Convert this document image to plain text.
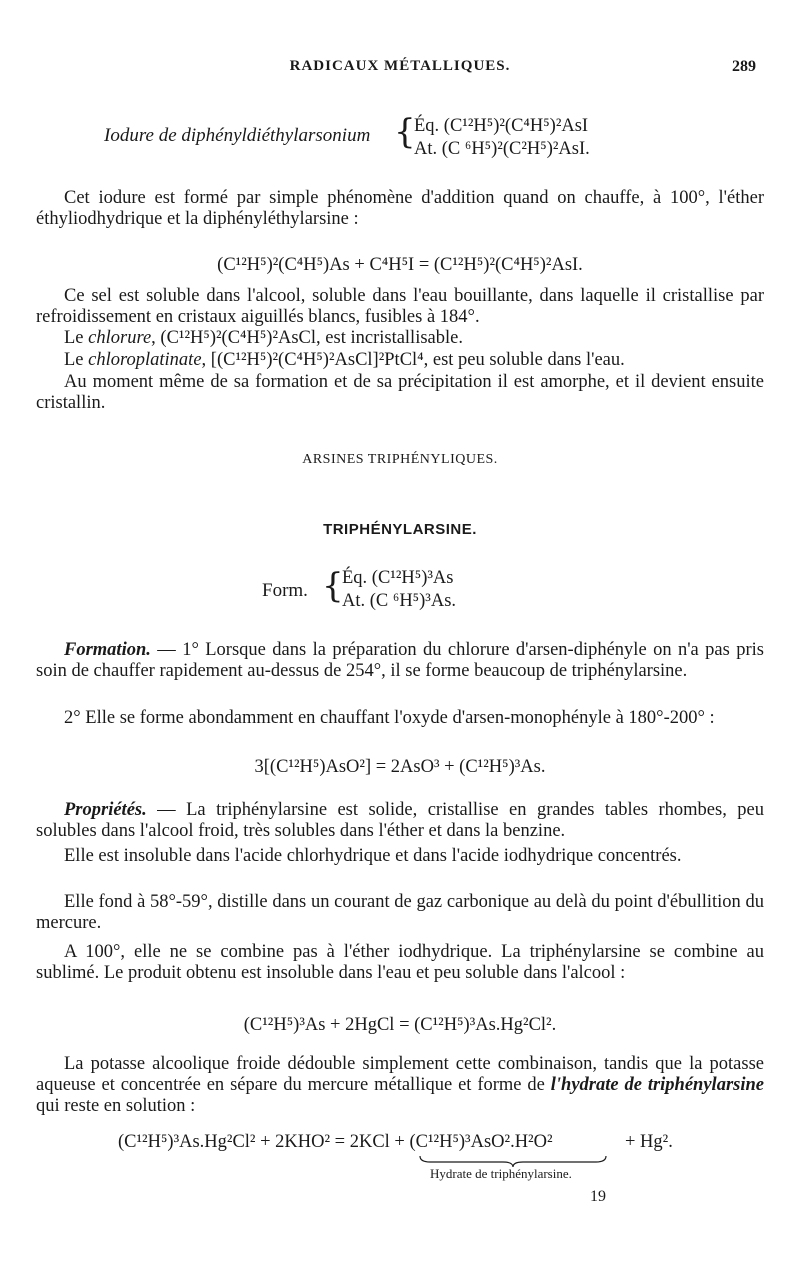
RADICAUX MÉTALLIQUES.	289
Iodure de diphényldiéthylarsonium {
Éq. (C¹²H⁵)²(C⁴H⁵)²AsI
At. (C ⁶H⁵)²(C²H⁵)²AsI.

Cet iodure est formé par simple phénomène d'addition quand on chauffe, à 100°, l'éther éthyliodhydrique et la diphényléthylarsine :

(C¹²H⁵)²(C⁴H⁵)As + C⁴H⁵I = (C¹²H⁵)²(C⁴H⁵)²AsI.

Ce sel est soluble dans l'alcool, soluble dans l'eau bouillante, dans laquelle il cristallise par refroidissement en cristaux aiguillés blancs, fusibles à 184°.

Le chlorure, (C¹²H⁵)²(C⁴H⁵)²AsCl, est incristallisable.

Le chloroplatinate, [(C¹²H⁵)²(C⁴H⁵)²AsCl]²PtCl⁴, est peu soluble dans l'eau.

Au moment même de sa formation et de sa précipitation il est amorphe, et il devient ensuite cristallin.

ARSINES TRIPHÉNYLIQUES.
TRIPHÉNYLARSINE.
Form. {
Éq. (C¹²H⁵)³As
At. (C ⁶H⁵)³As.

Formation. — 1° Lorsque dans la préparation du chlorure d'arsen-diphényle on n'a pas pris soin de chauffer rapidement au-dessus de 254°, il se forme beaucoup de triphénylarsine.

2° Elle se forme abondamment en chauffant l'oxyde d'arsen-monophényle à 180°-200° :

3[(C¹²H⁵)AsO²] = 2AsO³ + (C¹²H⁵)³As.

Propriétés. — La triphénylarsine est solide, cristallise en grandes tables rhombes, peu solubles dans l'alcool froid, très solubles dans l'éther et dans la benzine.

Elle est insoluble dans l'acide chlorhydrique et dans l'acide iodhydrique concentrés.

Elle fond à 58°-59°, distille dans un courant de gaz carbonique au delà du point d'ébullition du mercure.

A 100°, elle ne se combine pas à l'éther iodhydrique. La triphénylarsine se combine au sublimé. Le produit obtenu est insoluble dans l'eau et peu soluble dans l'alcool :

(C¹²H⁵)³As + 2HgCl = (C¹²H⁵)³As.Hg²Cl².

La potasse alcoolique froide dédouble simplement cette combinaison, tandis que la potasse aqueuse et concentrée en sépare du mercure métallique et forme de l'hydrate de triphénylarsine qui reste en solution :

(C¹²H⁵)³As.Hg²Cl² + 2KHO² = 2KCl + (C¹²H⁵)³AsO².H²O²	+ Hg².
Hydrate de triphénylarsine.
19
